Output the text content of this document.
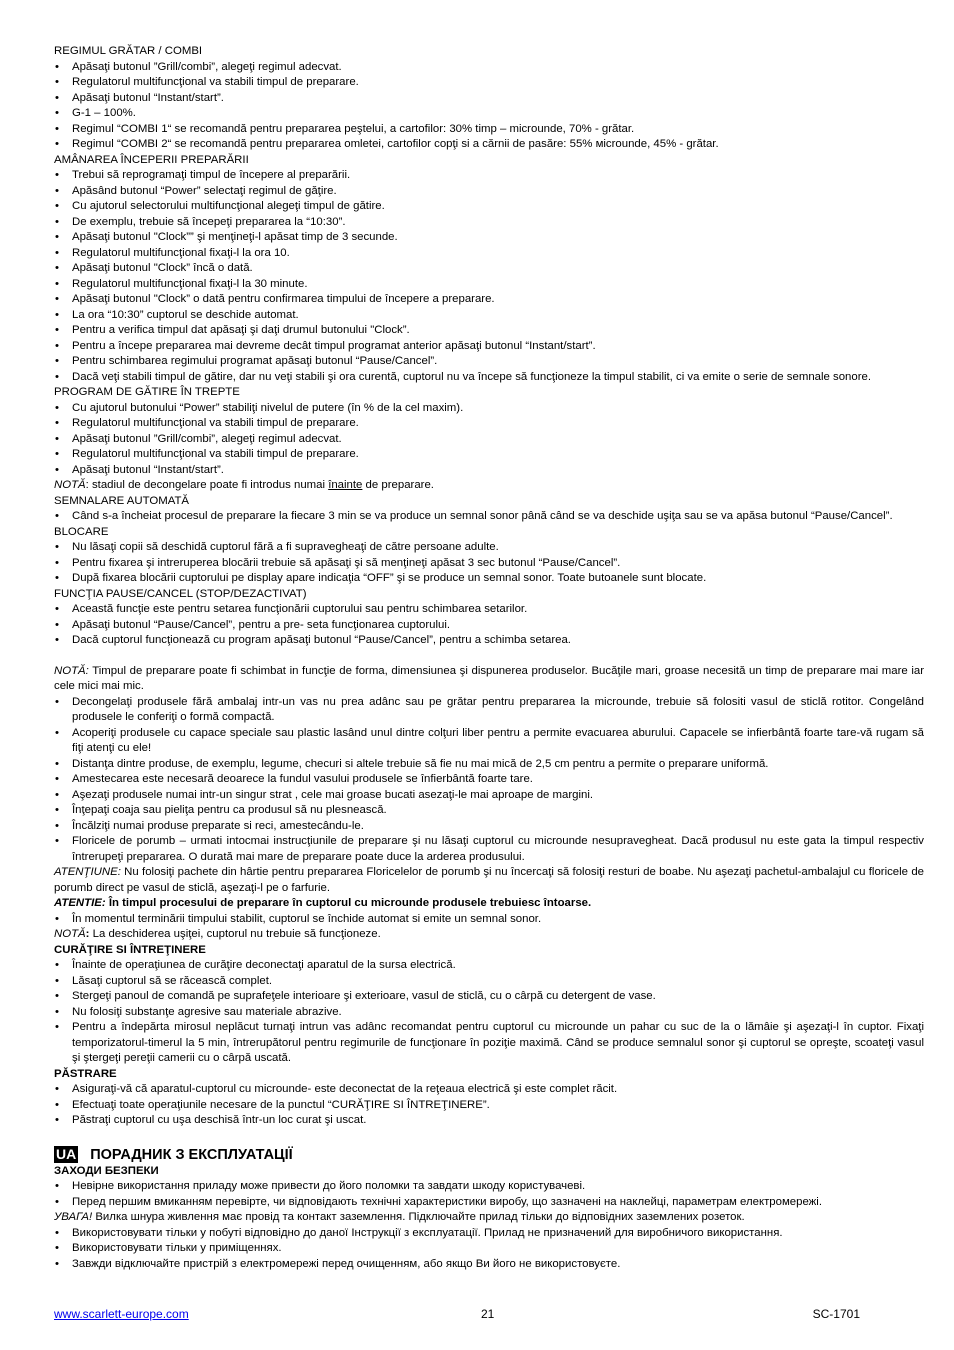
REGIMUL GRĂTAR / COMBI

• Apăsaţi butonul ”Grill/combi”, alegeţi regimul adecvat.
• Regulatorul multifuncţional va stabili timpul de preparare.
• Apăsaţi butonul “Instant/start”.
• G-1 – 100%.
• Regimul “COMBI 1“ se recomandă pentru prepararea peştelui, a cartofilor: 30% timp – microunde, 70% - grătar.
• Regimul “COMBI 2“ se recomandă pentru prepararea omletei, cartofilor copţi si a cărnii de pasăre: 55% мicrounde, 45% - grătar.

AMÂNAREA ÎNCEPERII PREPARĂRII

• Trebui să reprogramaţi timpul de începere al preparării.
• Apăsând butonul “Power” selectaţi regimul de găţire.
• Cu ajutorul selectorului multifuncţional alegeţi timpul de gătire.
• De exemplu, trebuie să începeţi prepararea la “10:30”.
• Apăsaţi butonul "Clock”” şi menţineţi-l apăsat timp de 3 secunde.
• Regulatorul multifuncţional fixaţi-l la ora 10.
• Apăsaţi butonul "Clock” încă o dată.
• Regulatorul multifuncţional fixaţi-l la 30 minute.
• Apăsaţi butonul "Clock” o dată pentru confirmarea timpului de începere a preparare.
• La ora “10:30” cuptorul se deschide automat.
• Pentru a verifica timpul dat apăsaţi şi daţi drumul butonului "Clock”.
• Pentru a începe prepararea mai devreme decât timpul programat anterior apăsaţi butonul “Instant/start”.
• Pentru schimbarea regimului programat apăsaţi butonul “Pause/Cancel”.
• Dacă veţi stabili timpul de gătire, dar nu veţi stabili şi ora curentă, cuptorul nu va începe să funcţioneze la timpul stabilit, ci va emite o serie de semnale sonore.

PROGRAM DE GĂTIRE ÎN TREPTE

• Cu ajutorul butonului “Power” stabiliţi nivelul de putere (în % de la cel maxim).
• Regulatorul multifuncţional va stabili timpul de preparare.
• Apăsaţi butonul ”Grill/combi”, alegeţi regimul adecvat.
• Regulatorul multifuncţional va stabili timpul de preparare.
• Apăsaţi butonul “Instant/start”.

NOTĂ: stadiul de decongelare poate fi introdus numai înainte de preparare.

SEMNALARE AUTOMATĂ

• Când s-a încheiat procesul de preparare la fiecare 3 min se va produce un semnal sonor până când se va deschide uşiţa sau se va apăsa butonul “Pause/Cancel”.

BLOCARE

• Nu lăsaţi copii să deschidă cuptorul fără a fi supravegheaţi de către persoane adulte.
• Pentru fixarea şi intreruperea blocării trebuie să apăsaţi şi să menţineţi apăsat 3 sec butonul “Pause/Cancel”.
• După fixarea blocării cuptorului pe display apare indicaţia “OFF” şi se produce un semnal sonor. Toate butoanele sunt blocate.

FUNCŢIA PAUSE/CANCEL (STOP/DEZACTIVAT)

• Această funcţie este pentru setarea funcţionării cuptorului sau pentru schimbarea setarilor.
• Apăsaţi butonul “Pause/Cancel”, pentru a pre- seta funcţionarea cuptorului.
• Dacă cuptorul funcţionează cu program apăsaţi butonul “Pause/Cancel”, pentru a schimba setarea.

NOTĂ: Timpul de preparare poate fi schimbat in funcţie de forma, dimensiunea şi dispunerea produselor. Bucăţile mari, groase necesită un timp de preparare mai mare iar cele mici mai mic.

• Decongelaţi produsele fără ambalaj intr-un vas nu prea adânc sau pe grătar pentru prepararea la microunde, trebuie să folositi vasul de sticlă rotitor. Congelând produsele le conferiţi o formă compactă.
• Acoperiţi produsele cu capace speciale sau plastic lasând unul dintre colţuri liber pentru a permite evacuarea aburului. Capacele se infierbântă foarte tare-vă rugam să fiţi atenţi cu ele!
• Distanţa dintre produse, de exemplu, legume, checuri si altele trebuie să fie nu mai mică de 2,5 cm pentru a permite o preparare uniformă.
• Amestecarea este necesară deoarece la fundul vasului produsele se înfierbântă foarte tare.
• Aşezaţi produsele numai intr-un singur strat , cele mai groase bucati asezaţi-le mai aproape de margini.
• Înţepaţi coaja sau pieliţa pentru ca produsul să nu plesnească.
• Încălziţi numai produse preparate si reci, amestecându-le.
• Floricele de porumb – urmati intocmai instrucţiunile de preparare şi nu lăsaţi cuptorul cu microunde nesupravegheat. Dacă produsul nu este gata la timpul respectiv întrerupeţi prepararea. O durată mai mare de preparare poate duce la arderea produsului.

ATENŢIUNE: Nu folosiţi pachete din hârtie pentru prepararea Floricelelor de porumb şi nu încercaţi să folosiţi resturi de boabe. Nu aşezaţi pachetul-ambalajul cu floricele de porumb direct pe vasul de sticlă, aşezaţi-l pe o farfurie.

ATENTIE: În timpul procesului de preparare în cuptorul cu microunde produsele trebuiesc întoarse.

• În momentul terminării timpului stabilit, cuptorul se închide automat si emite un semnal sonor.

NOTĂ: La deschiderea uşiţei, cuptorul nu trebuie să funcţioneze.

CURĂŢIRE SI ÎNTREŢINERE

• Înainte de operaţiunea de curăţire deconectaţi aparatul de la sursa electrică.
• Lăsaţi cuptorul să se răcească complet.
• Stergeţi panoul de comandă pe suprafeţele interioare şi exterioare, vasul de sticlă, cu o cârpă cu detergent de vase.
• Nu folosiţi substanţe agresive sau materiale abrazive.
• Pentru a îndepărta mirosul neplăcut turnaţi intrun vas adânc recomandat pentru cuptorul cu microunde un pahar cu suc de la o lămâie şi aşezaţi-l în cuptor. Fixaţi temporizatorul-timerul la 5 min, întrerupătorul pentru regimurile de funcţionare în poziţie maximă. Când se produce semnalul sonor şi cuptorul se opreşte, scoateţi vasul şi ştergeţi pereţii camerii cu o cârpă uscată.

PĂSTRARE

• Asiguraţi-vă că aparatul-cuptorul cu microunde- este deconectat de la reţeaua electrică şi este complet răcit.
• Efectuaţi toate operaţiunile necesare de la punctul “CURĂŢIRE SI ÎNTREŢINERE”.
• Păstraţi cuptorul cu uşa deschisă într-un loc curat şi uscat.
UA ПОРАДНИК З ЕКСПЛУАТАЦІЇ

ЗАХОДИ БЕЗПЕКИ

• Невірне використання приладу може привести до його поломки та завдати шкоду користувачеві.
• Перед першим вмиканням перевірте, чи відповідають технічні характеристики виробу, що зазначені на наклейці, параметрам електромережі.

УВАГА! Вилка шнура живлення має провід та контакт заземлення. Підключайте прилад тільки до відповідних заземлених розеток.

• Використовувати тільки у побуті відповідно до даної Інструкції з експлуатації. Прилад не призначений для виробничого використання.
• Використовувати тільки у приміщеннях.
• Завжди відключайте пристрій з електромережі перед очищенням, або якщо Ви його не використовуєте.
www.scarlett-europe.com	21	SC-1701
